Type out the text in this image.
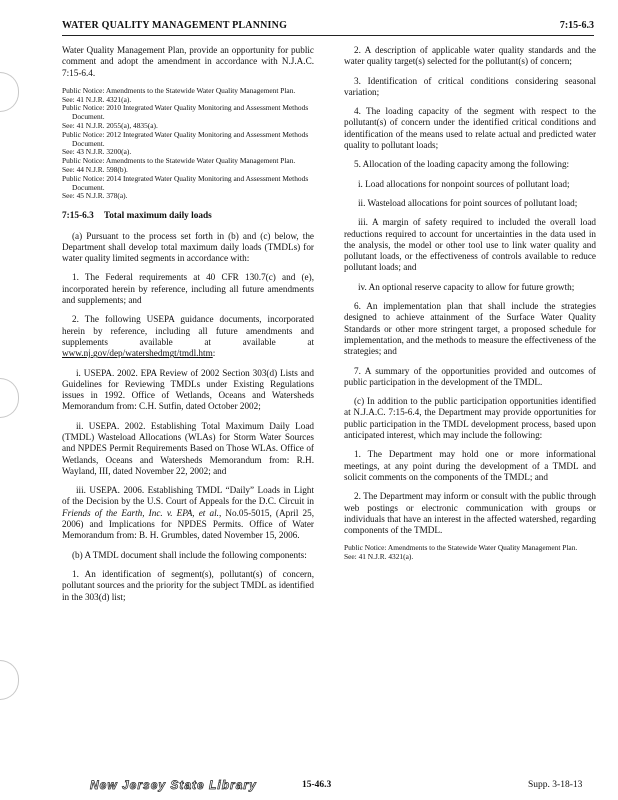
WATER QUALITY MANAGEMENT PLANNING	7:15-6.3

Water Quality Management Plan, provide an opportunity for public comment and adopt the amendment in accordance with N.J.A.C. 7:15-6.4.

Public Notice: Amendments to the Statewide Water Quality Management Plan.

See: 41 N.J.R. 4321(a).

Public Notice: 2010 Integrated Water Quality Monitoring and Assessment Methods Document.

See: 41 N.J.R. 2055(a), 4835(a).

Public Notice: 2012 Integrated Water Quality Monitoring and Assessment Methods Document.

See: 43 N.J.R. 3200(a).

Public Notice: Amendments to the Statewide Water Quality Management Plan.

See: 44 N.J.R. 598(b).

Public Notice: 2014 Integrated Water Quality Monitoring and Assessment Methods Document.

See: 45 N.J.R. 378(a).

7:15-6.3 Total maximum daily loads

(a) Pursuant to the process set forth in (b) and (c) below, the Department shall develop total maximum daily loads (TMDLs) for water quality limited segments in accordance with:

1. The Federal requirements at 40 CFR 130.7(c) and (e), incorporated herein by reference, including all future amendments and supplements; and

2. The following USEPA guidance documents, incorporated herein by reference, including all future amendments and supplements available at available at www.nj.gov/dep/watershedmgt/tmdl.htm:

i. USEPA. 2002. EPA Review of 2002 Section 303(d) Lists and Guidelines for Reviewing TMDLs under Existing Regulations issues in 1992. Office of Wetlands, Oceans and Watersheds Memorandum from: C.H. Sutfin, dated October 2002;

ii. USEPA. 2002. Establishing Total Maximum Daily Load (TMDL) Wasteload Allocations (WLAs) for Storm Water Sources and NPDES Permit Requirements Based on Those WLAs. Office of Wetlands, Oceans and Watersheds Memorandum from: R.H. Wayland, III, dated November 22, 2002; and

iii. USEPA. 2006. Establishing TMDL “Daily” Loads in Light of the Decision by the U.S. Court of Appeals for the D.C. Circuit in Friends of the Earth, Inc. v. EPA, et al., No.05-5015, (April 25, 2006) and Implications for NPDES Permits. Office of Water Memorandum from: B. H. Grumbles, dated November 15, 2006.

(b) A TMDL document shall include the following components:

1. An identification of segment(s), pollutant(s) of concern, pollutant sources and the priority for the subject TMDL as identified in the 303(d) list;

2. A description of applicable water quality standards and the water quality target(s) selected for the pollutant(s) of concern;

3. Identification of critical conditions considering seasonal variation;

4. The loading capacity of the segment with respect to the pollutant(s) of concern under the identified critical conditions and identification of the means used to relate actual and predicted water quality to pollutant loads;

5. Allocation of the loading capacity among the following:

i. Load allocations for nonpoint sources of pollutant load;

ii. Wasteload allocations for point sources of pollutant load;

iii. A margin of safety required to included the overall load reductions required to account for uncertainties in the data used in the analysis, the model or other tool use to link water quality and pollutant loads, or the effectiveness of controls available to reduce pollutant loads; and

iv. An optional reserve capacity to allow for future growth;

6. An implementation plan that shall include the strategies designed to achieve attainment of the Surface Water Quality Standards or other more stringent target, a proposed schedule for implementation, and the methods to measure the effectiveness of the strategies; and

7. A summary of the opportunities provided and outcomes of public participation in the development of the TMDL.

(c) In addition to the public participation opportunities identified at N.J.A.C. 7:15-6.4, the Department may provide opportunities for public participation in the TMDL development process, based upon anticipated interest, which may include the following:

1. The Department may hold one or more informational meetings, at any point during the development of a TMDL and solicit comments on the components of the TMDL; and

2. The Department may inform or consult with the public through web postings or electronic communication with groups or individuals that have an interest in the affected watershed, regarding components of the TMDL.

Public Notice: Amendments to the Statewide Water Quality Management Plan.

See: 41 N.J.R. 4321(a).

New Jersey State Library	15-46.3	Supp. 3-18-13
